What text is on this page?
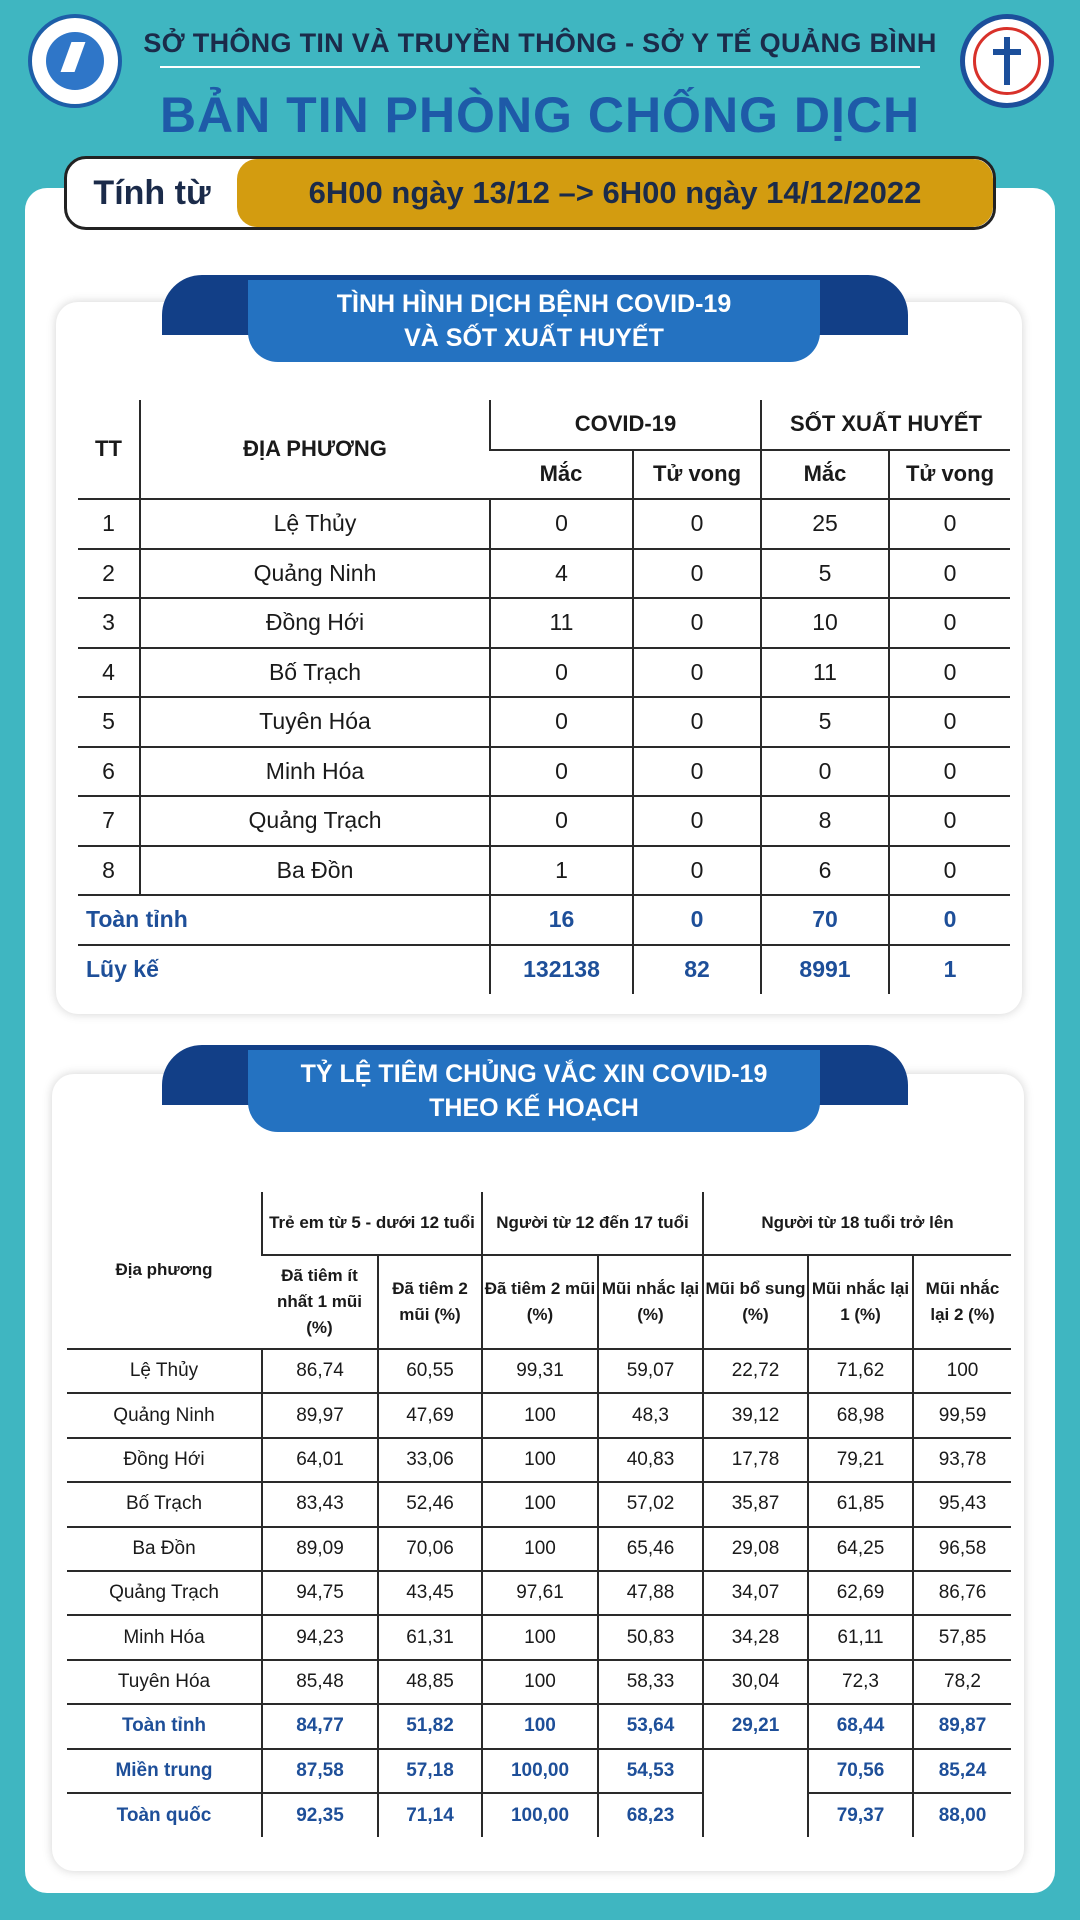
SỞ THÔNG TIN VÀ TRUYỀN THÔNG - SỞ Y TẾ QUẢNG BÌNH
BẢN TIN PHÒNG CHỐNG DỊCH
Tính từ	6H00 ngày 13/12 –> 6H00 ngày 14/12/2022
TÌNH HÌNH DỊCH BỆNH COVID-19
VÀ SỐT XUẤT HUYẾT
TT	ĐỊA PHƯƠNG	COVID-19		SỐT XUẤT HUYẾT	
		Mắc	Tử vong	Mắc	Tử vong
1	Lệ Thủy	0	0	25	0
2	Quảng Ninh	4	0	5	0
3	Đồng Hới	11	0	10	0
4	Bố Trạch	0	0	11	0
5	Tuyên Hóa	0	0	5	0
6	Minh Hóa	0	0	0	0
7	Quảng Trạch	0	0	8	0
8	Ba Đồn	1	0	6	0
Toàn tỉnh		16	0	70	0
Lũy kế		132138	82	8991	1
TỶ LỆ TIÊM CHỦNG VẮC XIN COVID-19
THEO KẾ HOẠCH
Địa phương	Trẻ em từ 5 - dưới 12 tuổi		Người từ 12 đến 17 tuổi		Người từ 18 tuổi trở lên		
	Đã tiêm ít nhất 1 mũi (%)	Đã tiêm 2 mũi (%)	Đã tiêm 2 mũi (%)	Mũi nhắc lại (%)	Mũi bổ sung (%)	Mũi nhắc lại 1 (%)	Mũi nhắc lại 2 (%)
Lệ Thủy	86,74	60,55	99,31	59,07	22,72	71,62	100
Quảng Ninh	89,97	47,69	100	48,3	39,12	68,98	99,59
Đồng Hới	64,01	33,06	100	40,83	17,78	79,21	93,78
Bố Trạch	83,43	52,46	100	57,02	35,87	61,85	95,43
Ba Đồn	89,09	70,06	100	65,46	29,08	64,25	96,58
Quảng Trạch	94,75	43,45	97,61	47,88	34,07	62,69	86,76
Minh Hóa	94,23	61,31	100	50,83	34,28	61,11	57,85
Tuyên Hóa	85,48	48,85	100	58,33	30,04	72,3	78,2
Toàn tỉnh	84,77	51,82	100	53,64	29,21	68,44	89,87
Miền trung	87,58	57,18	100,00	54,53		70,56	85,24
Toàn quốc	92,35	71,14	100,00	68,23		79,37	88,00
